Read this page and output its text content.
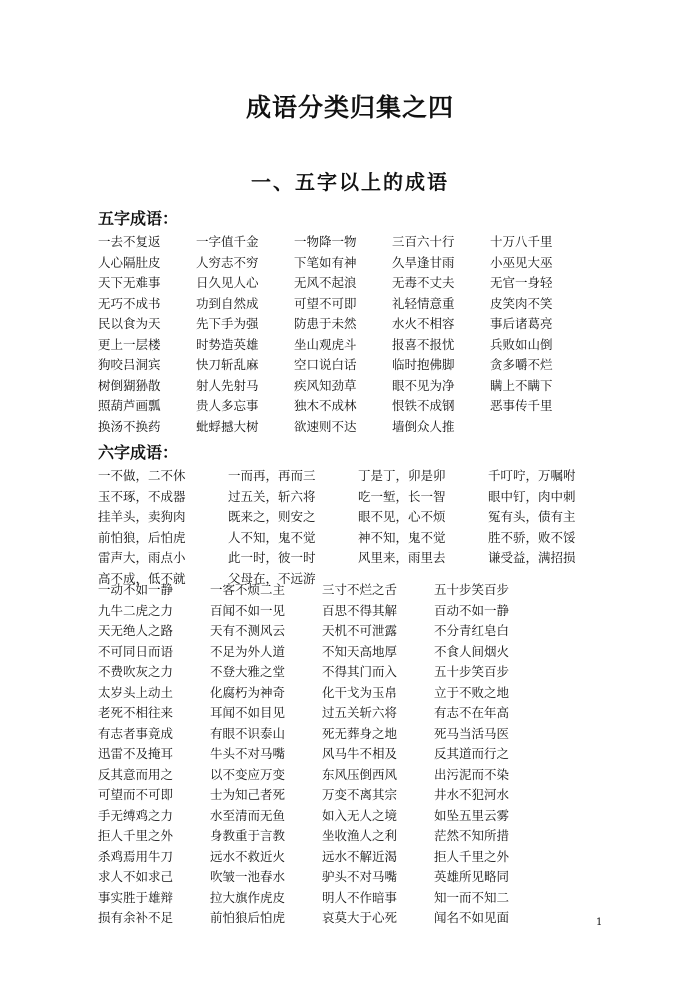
成语分类归集之四
一、五字以上的成语
五字成语：
一去不复返	一字值千金	一物降一物	三百六十行	十万八千里
人心隔肚皮	人穷志不穷	下笔如有神	久旱逢甘雨	小巫见大巫
天下无难事	日久见人心	无风不起浪	无毒不丈夫	无官一身轻
无巧不成书	功到自然成	可望不可即	礼轻情意重	皮笑肉不笑
民以食为天	先下手为强	防患于未然	水火不相容	事后诸葛亮
更上一层楼	时势造英雄	坐山观虎斗	报喜不报忧	兵败如山倒
狗咬吕洞宾	快刀斩乱麻	空口说白话	临时抱佛脚	贪多嚼不烂
树倒猢狲散	射人先射马	疾风知劲草	眼不见为净	瞒上不瞒下
照葫芦画瓢	贵人多忘事	独木不成林	恨铁不成钢	恶事传千里
换汤不换药	蚍蜉撼大树	欲速则不达	墙倒众人推
六字成语：
一不做，二不休	一而再，再而三	丁是丁，卯是卯	千叮咛，万嘱咐
玉不琢，不成器	过五关，斩六将	吃一堑，长一智	眼中钉，肉中刺
挂羊头，卖狗肉	既来之，则安之	眼不见，心不烦	冤有头，债有主
前怕狼，后怕虎	人不知，鬼不觉	神不知，鬼不觉	胜不骄，败不馁
雷声大，雨点小	此一时，彼一时	风里来，雨里去	谦受益，满招损
高不成，低不就	父母在，不远游
一动不如一静	一客不烦二主	三寸不烂之舌	五十步笑百步
九牛二虎之力	百闻不如一见	百思不得其解	百动不如一静
天无绝人之路	天有不测风云	天机不可泄露	不分青红皂白
不可同日而语	不足为外人道	不知天高地厚	不食人间烟火
不费吹灰之力	不登大雅之堂	不得其门而入	五十步笑百步
太岁头上动土	化腐朽为神奇	化干戈为玉帛	立于不败之地
老死不相往来	耳闻不如目见	过五关斩六将	有志不在年高
有志者事竟成	有眼不识泰山	死无葬身之地	死马当活马医
迅雷不及掩耳	牛头不对马嘴	风马牛不相及	反其道而行之
反其意而用之	以不变应万变	东风压倒西风	出污泥而不染
可望而不可即	士为知己者死	万变不离其宗	井水不犯河水
手无缚鸡之力	水至清而无鱼	如入无人之境	如坠五里云雾
拒人千里之外	身教重于言教	坐收渔人之利	茫然不知所措
杀鸡焉用牛刀	远水不救近火	远水不解近渴	拒人千里之外
求人不如求己	吹皱一池春水	驴头不对马嘴	英雄所见略同
事实胜于雄辩	拉大旗作虎皮	明人不作暗事	知一而不知二
损有余补不足	前怕狼后怕虎	哀莫大于心死	闻名不如见面	1
